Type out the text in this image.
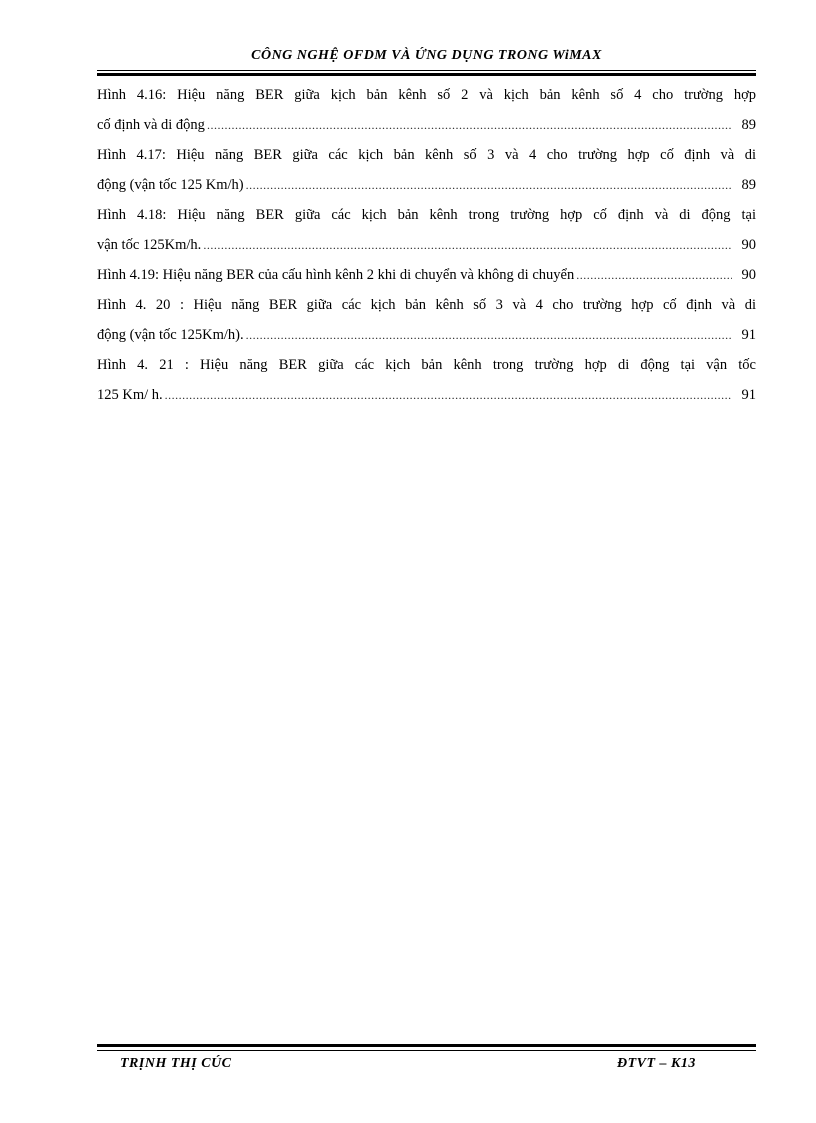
CÔNG NGHỆ OFDM VÀ ỨNG DỤNG TRONG WiMAX
Hình 4.16: Hiệu năng BER giữa kịch bản kênh số 2 và kịch bản kênh số 4 cho trường hợp
cố định và di động .....	89
Hình 4.17: Hiệu năng BER giữa các kịch bản kênh số 3 và 4 cho trường hợp cố định và di
động (vận tốc 125 Km/h) .....	89
Hình 4.18: Hiệu năng BER giữa các kịch bản kênh trong trường hợp cố định và di động tại
vận tốc 125Km/h. .....	90
Hình 4.19: Hiệu năng BER của cấu hình kênh 2 khi di chuyển và không di chuyển .....	90
Hình 4. 20 : Hiệu năng BER giữa các kịch bản kênh số 3 và 4 cho trường hợp cố định và di
động (vận tốc 125Km/h). .....	91
Hình 4. 21 : Hiệu năng BER giữa các kịch bản kênh trong trường hợp di động tại vận tốc
125 Km/ h. .....	91
TRỊNH THỊ CÚC	ĐTVT – K13
